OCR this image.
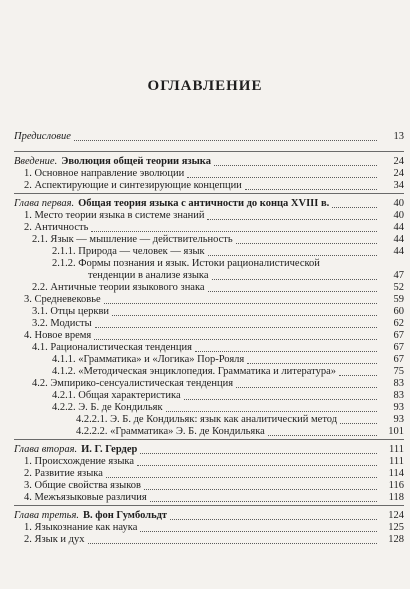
ОГЛАВЛЕНИЕ
Предисловие	13
Введение. Эволюция общей теории языка	24
1. Основное направление эволюции	24
2. Аспектирующие и синтезирующие концепции	34
Глава первая. Общая теория языка с античности до конца XVIII в.	40
1. Место теории языка в системе знаний	40
2. Античность	44
2.1. Язык — мышление — действительность	44
2.1.1. Природа — человек — язык	44
2.1.2. Формы познания и язык. Истоки рационалистической
тенденции в анализе языка	47
2.2. Античные теории языкового знака	52
3. Средневековье	59
3.1. Отцы церкви	60
3.2. Модисты	62
4. Новое время	67
4.1. Рационалистическая тенденция	67
4.1.1. «Грамматика» и «Логика» Пор-Рояля	67
4.1.2. «Методическая энциклопедия. Грамматика и литература»	75
4.2. Эмпирико-сенсуалистическая тенденция	83
4.2.1. Общая характеристика	83
4.2.2. Э. Б. де Кондильяк	93
4.2.2.1. Э. Б. де Кондильяк: язык как аналитический метод	93
4.2.2.2. «Грамматика» Э. Б. де Кондильяка	101
Глава вторая. И. Г. Гердер	111
1. Происхождение языка	111
2. Развитие языка	114
3. Общие свойства языков	116
4. Межъязыковые различия	118
Глава третья. В. фон Гумбольдт	124
1. Языкознание как наука	125
2. Язык и дух	128
